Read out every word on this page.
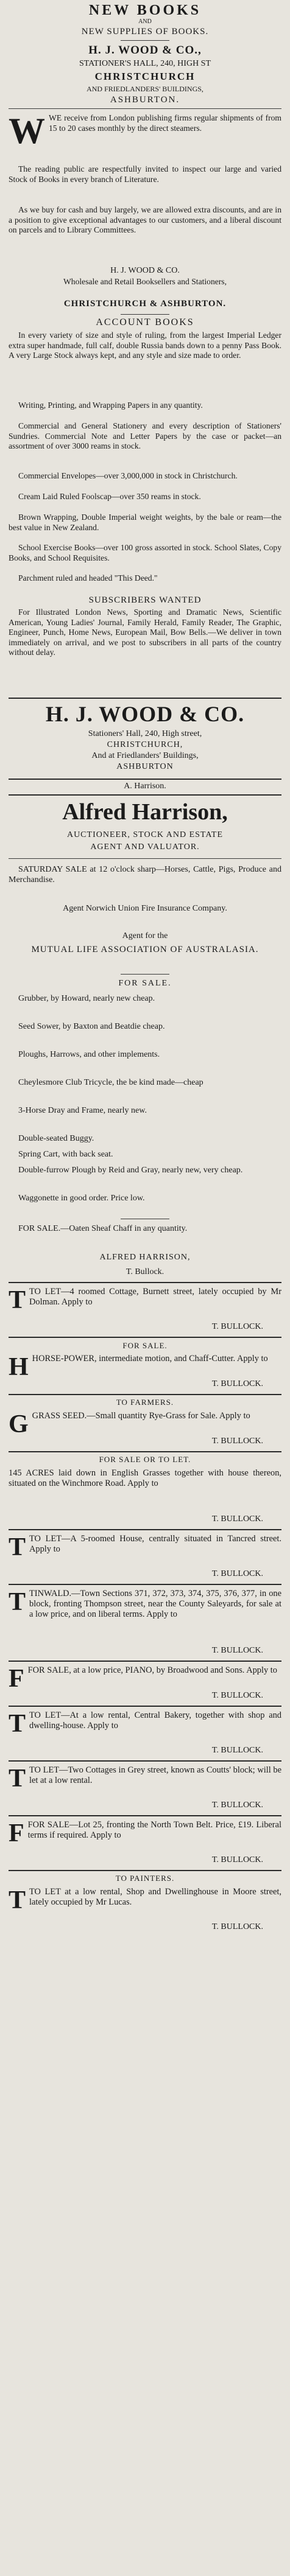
NEW BOOKS
AND
NEW SUPPLIES OF BOOKS.
H. J. WOOD & CO.,
STATIONER'S HALL, 240, HIGH ST
CHRISTCHURCH
AND FRIEDLANDERS' BUILDINGS,
ASHBURTON.
WWE receive from London publishing firms regular shipments of from 15 to 20 cases monthly by the direct steamers.
The reading public are respectfully invited to inspect our large and varied Stock of Books in every branch of Literature.
As we buy for cash and buy largely, we are allowed extra discounts, and are in a position to give exceptional advantages to our customers, and a liberal discount on parcels and to Library Committees.
H. J. WOOD & CO.
Wholesale and Retail Booksellers and Stationers,
CHRISTCHURCH & ASHBURTON.
ACCOUNT BOOKS
In every variety of size and style of ruling, from the largest Imperial Ledger extra super handmade, full calf, double Russia bands down to a penny Pass Book. A very Large Stock always kept, and any style and size made to order.
Writing, Printing, and Wrapping Papers in any quantity.
Commercial and General Stationery and every description of Stationers' Sundries. Commercial Note and Letter Papers by the case or packet—an assortment of over 3000 reams in stock.
Commercial Envelopes—over 3,000,000 in stock in Christchurch.
Cream Laid Ruled Foolscap—over 350 reams in stock.
Brown Wrapping, Double Imperial weight weights, by the bale or ream—the best value in New Zealand.
School Exercise Books—over 100 gross assorted in stock. School Slates, Copy Books, and School Requisites.
Parchment ruled and headed "This Deed."
SUBSCRIBERS WANTED
For Illustrated London News, Sporting and Dramatic News, Scientific American, Young Ladies' Journal, Family Herald, Family Reader, The Graphic, Engineer, Punch, Home News, European Mail, Bow Bells.—We deliver in town immediately on arrival, and we post to subscribers in all parts of the country without delay.
H. J. WOOD & CO.
Stationers' Hall, 240, High street,
CHRISTCHURCH,
And at Friedlanders' Buildings,
ASHBURTON
A. Harrison.
Alfred Harrison,
AUCTIONEER, STOCK AND ESTATE
AGENT AND VALUATOR.
SATURDAY SALE at 12 o'clock sharp—Horses, Cattle, Pigs, Produce and Merchandise.
Agent Norwich Union Fire Insurance Company.
Agent for the
MUTUAL LIFE ASSOCIATION OF AUSTRALASIA.
FOR SALE.
Grubber, by Howard, nearly new cheap.
Seed Sower, by Baxton and Beatdie cheap.
Ploughs, Harrows, and other implements.
Cheylesmore Club Tricycle, the be kind made—cheap
3-Horse Dray and Frame, nearly new.
Double-seated Buggy.
Spring Cart, with back seat.
Double-furrow Plough by Reid and Gray, nearly new, very cheap.
Waggonette in good order. Price low.
FOR SALE.—Oaten Sheaf Chaff in any quantity.
ALFRED HARRISON,
T. Bullock.
TTO LET—4 roomed Cottage, Burnett street, lately occupied by Mr Dolman. Apply to
T. BULLOCK.
FOR SALE.
HHORSE-POWER, intermediate motion, and Chaff-Cutter. Apply to
T. BULLOCK.
TO FARMERS.
GGRASS SEED.—Small quantity Rye-Grass for Sale. Apply to
T. BULLOCK.
FOR SALE OR TO LET.
145 ACRES laid down in English Grasses together with house thereon, situated on the Winchmore Road. Apply to
T. BULLOCK.
TTO LET—A 5-roomed House, centrally situated in Tancred street. Apply to
T. BULLOCK.
TTINWALD.—Town Sections 371, 372, 373, 374, 375, 376, 377, in one block, fronting Thompson street, near the County Saleyards, for sale at a low price, and on liberal terms. Apply to
T. BULLOCK.
FFOR SALE, at a low price, PIANO, by Broadwood and Sons. Apply to
T. BULLOCK.
TTO LET—At a low rental, Central Bakery, together with shop and dwelling-house. Apply to
T. BULLOCK.
TTO LET—Two Cottages in Grey street, known as Coutts' block; will be let at a low rental.
T. BULLOCK.
FFOR SALE—Lot 25, fronting the North Town Belt. Price, £19. Liberal terms if required. Apply to
T. BULLOCK.
TO PAINTERS.
TTO LET at a low rental, Shop and Dwellinghouse in Moore street, lately occupied by Mr Lucas.
T. BULLOCK.
